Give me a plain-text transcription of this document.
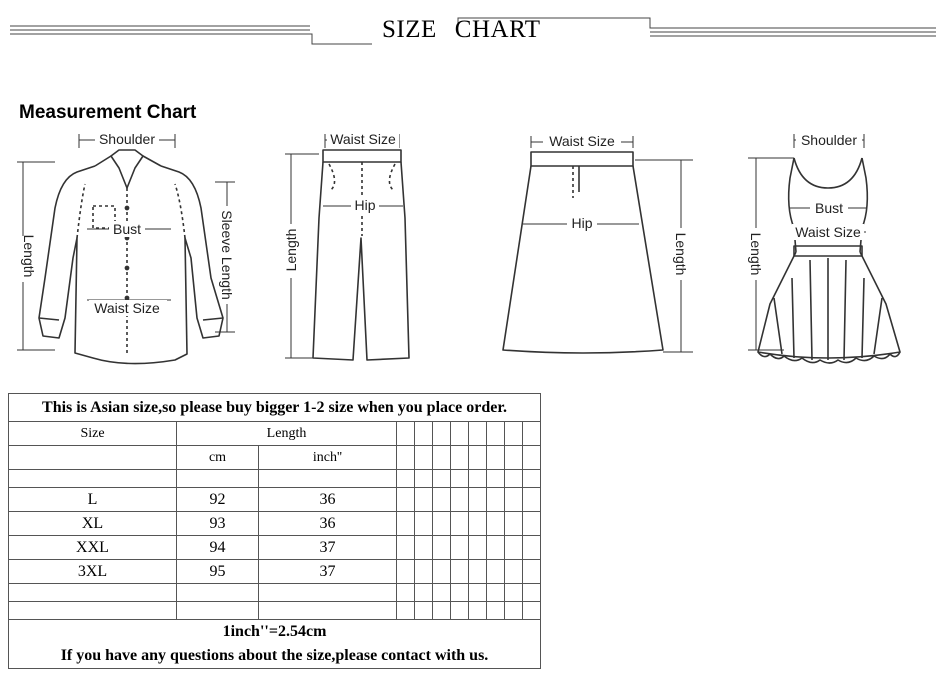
SIZE CHART
Measurement Chart
Shoulder
Bust
Waist Size
Length	Sleeve Length
Waist Size
Hip
Length
Waist Size
Hip
Length
Shoulder
Bust
Waist Size
Length
This is Asian size,so please buy bigger 1-2 size when you place order.										
Size	Length									
	cm	inch''								

L	92	36								
XL	93	36								
XXL	94	37								
3XL	95	37								

1inch''=2.54cm										
If you have any questions about the size,please contact with us.										
